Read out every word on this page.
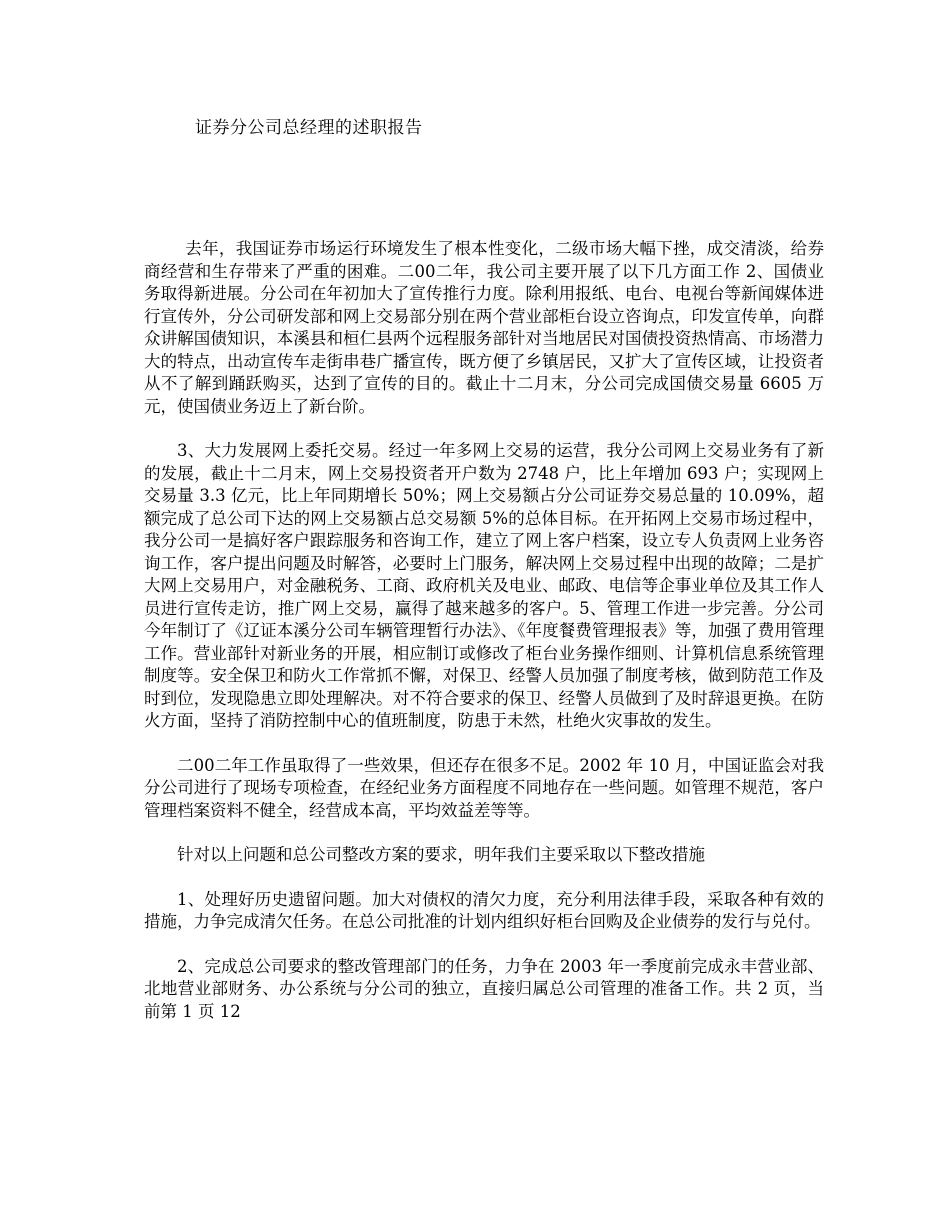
证券分公司总经理的述职报告

去年，我国证券市场运行环境发生了根本性变化，二级市场大幅下挫，成交清淡，给券商经营和生存带来了严重的困难。二00二年，我公司主要开展了以下几方面工作 2、国债业务取得新进展。分公司在年初加大了宣传推行力度。除利用报纸、电台、电视台等新闻媒体进行宣传外，分公司研发部和网上交易部分别在两个营业部柜台设立咨询点，印发宣传单，向群众讲解国债知识，本溪县和桓仁县两个远程服务部针对当地居民对国债投资热情高、市场潜力大的特点，出动宣传车走街串巷广播宣传，既方便了乡镇居民，又扩大了宣传区域，让投资者从不了解到踊跃购买，达到了宣传的目的。截止十二月末，分公司完成国债交易量 6605 万元，使国债业务迈上了新台阶。

3、大力发展网上委托交易。经过一年多网上交易的运营，我分公司网上交易业务有了新的发展，截止十二月末，网上交易投资者开户数为 2748 户，比上年增加 693 户；实现网上交易量 3.3 亿元，比上年同期增长 50%；网上交易额占分公司证券交易总量的 10.09%，超额完成了总公司下达的网上交易额占总交易额 5%的总体目标。在开拓网上交易市场过程中，我分公司一是搞好客户跟踪服务和咨询工作，建立了网上客户档案，设立专人负责网上业务咨询工作，客户提出问题及时解答，必要时上门服务，解决网上交易过程中出现的故障；二是扩大网上交易用户，对金融税务、工商、政府机关及电业、邮政、电信等企事业单位及其工作人员进行宣传走访，推广网上交易，赢得了越来越多的客户。5、管理工作进一步完善。分公司今年制订了《辽证本溪分公司车辆管理暂行办法》、《年度餐费管理报表》等，加强了费用管理工作。营业部针对新业务的开展，相应制订或修改了柜台业务操作细则、计算机信息系统管理制度等。安全保卫和防火工作常抓不懈，对保卫、经警人员加强了制度考核，做到防范工作及时到位，发现隐患立即处理解决。对不符合要求的保卫、经警人员做到了及时辞退更换。在防火方面，坚持了消防控制中心的值班制度，防患于未然，杜绝火灾事故的发生。

二00二年工作虽取得了一些效果，但还存在很多不足。2002 年 10 月，中国证监会对我分公司进行了现场专项检查，在经纪业务方面程度不同地存在一些问题。如管理不规范，客户管理档案资料不健全，经营成本高，平均效益差等等。

针对以上问题和总公司整改方案的要求，明年我们主要采取以下整改措施

1、处理好历史遗留问题。加大对债权的清欠力度，充分利用法律手段，采取各种有效的措施，力争完成清欠任务。在总公司批准的计划内组织好柜台回购及企业债券的发行与兑付。

2、完成总公司要求的整改管理部门的任务，力争在 2003 年一季度前完成永丰营业部、北地营业部财务、办公系统与分公司的独立，直接归属总公司管理的准备工作。共 2 页，当前第 1 页 12
